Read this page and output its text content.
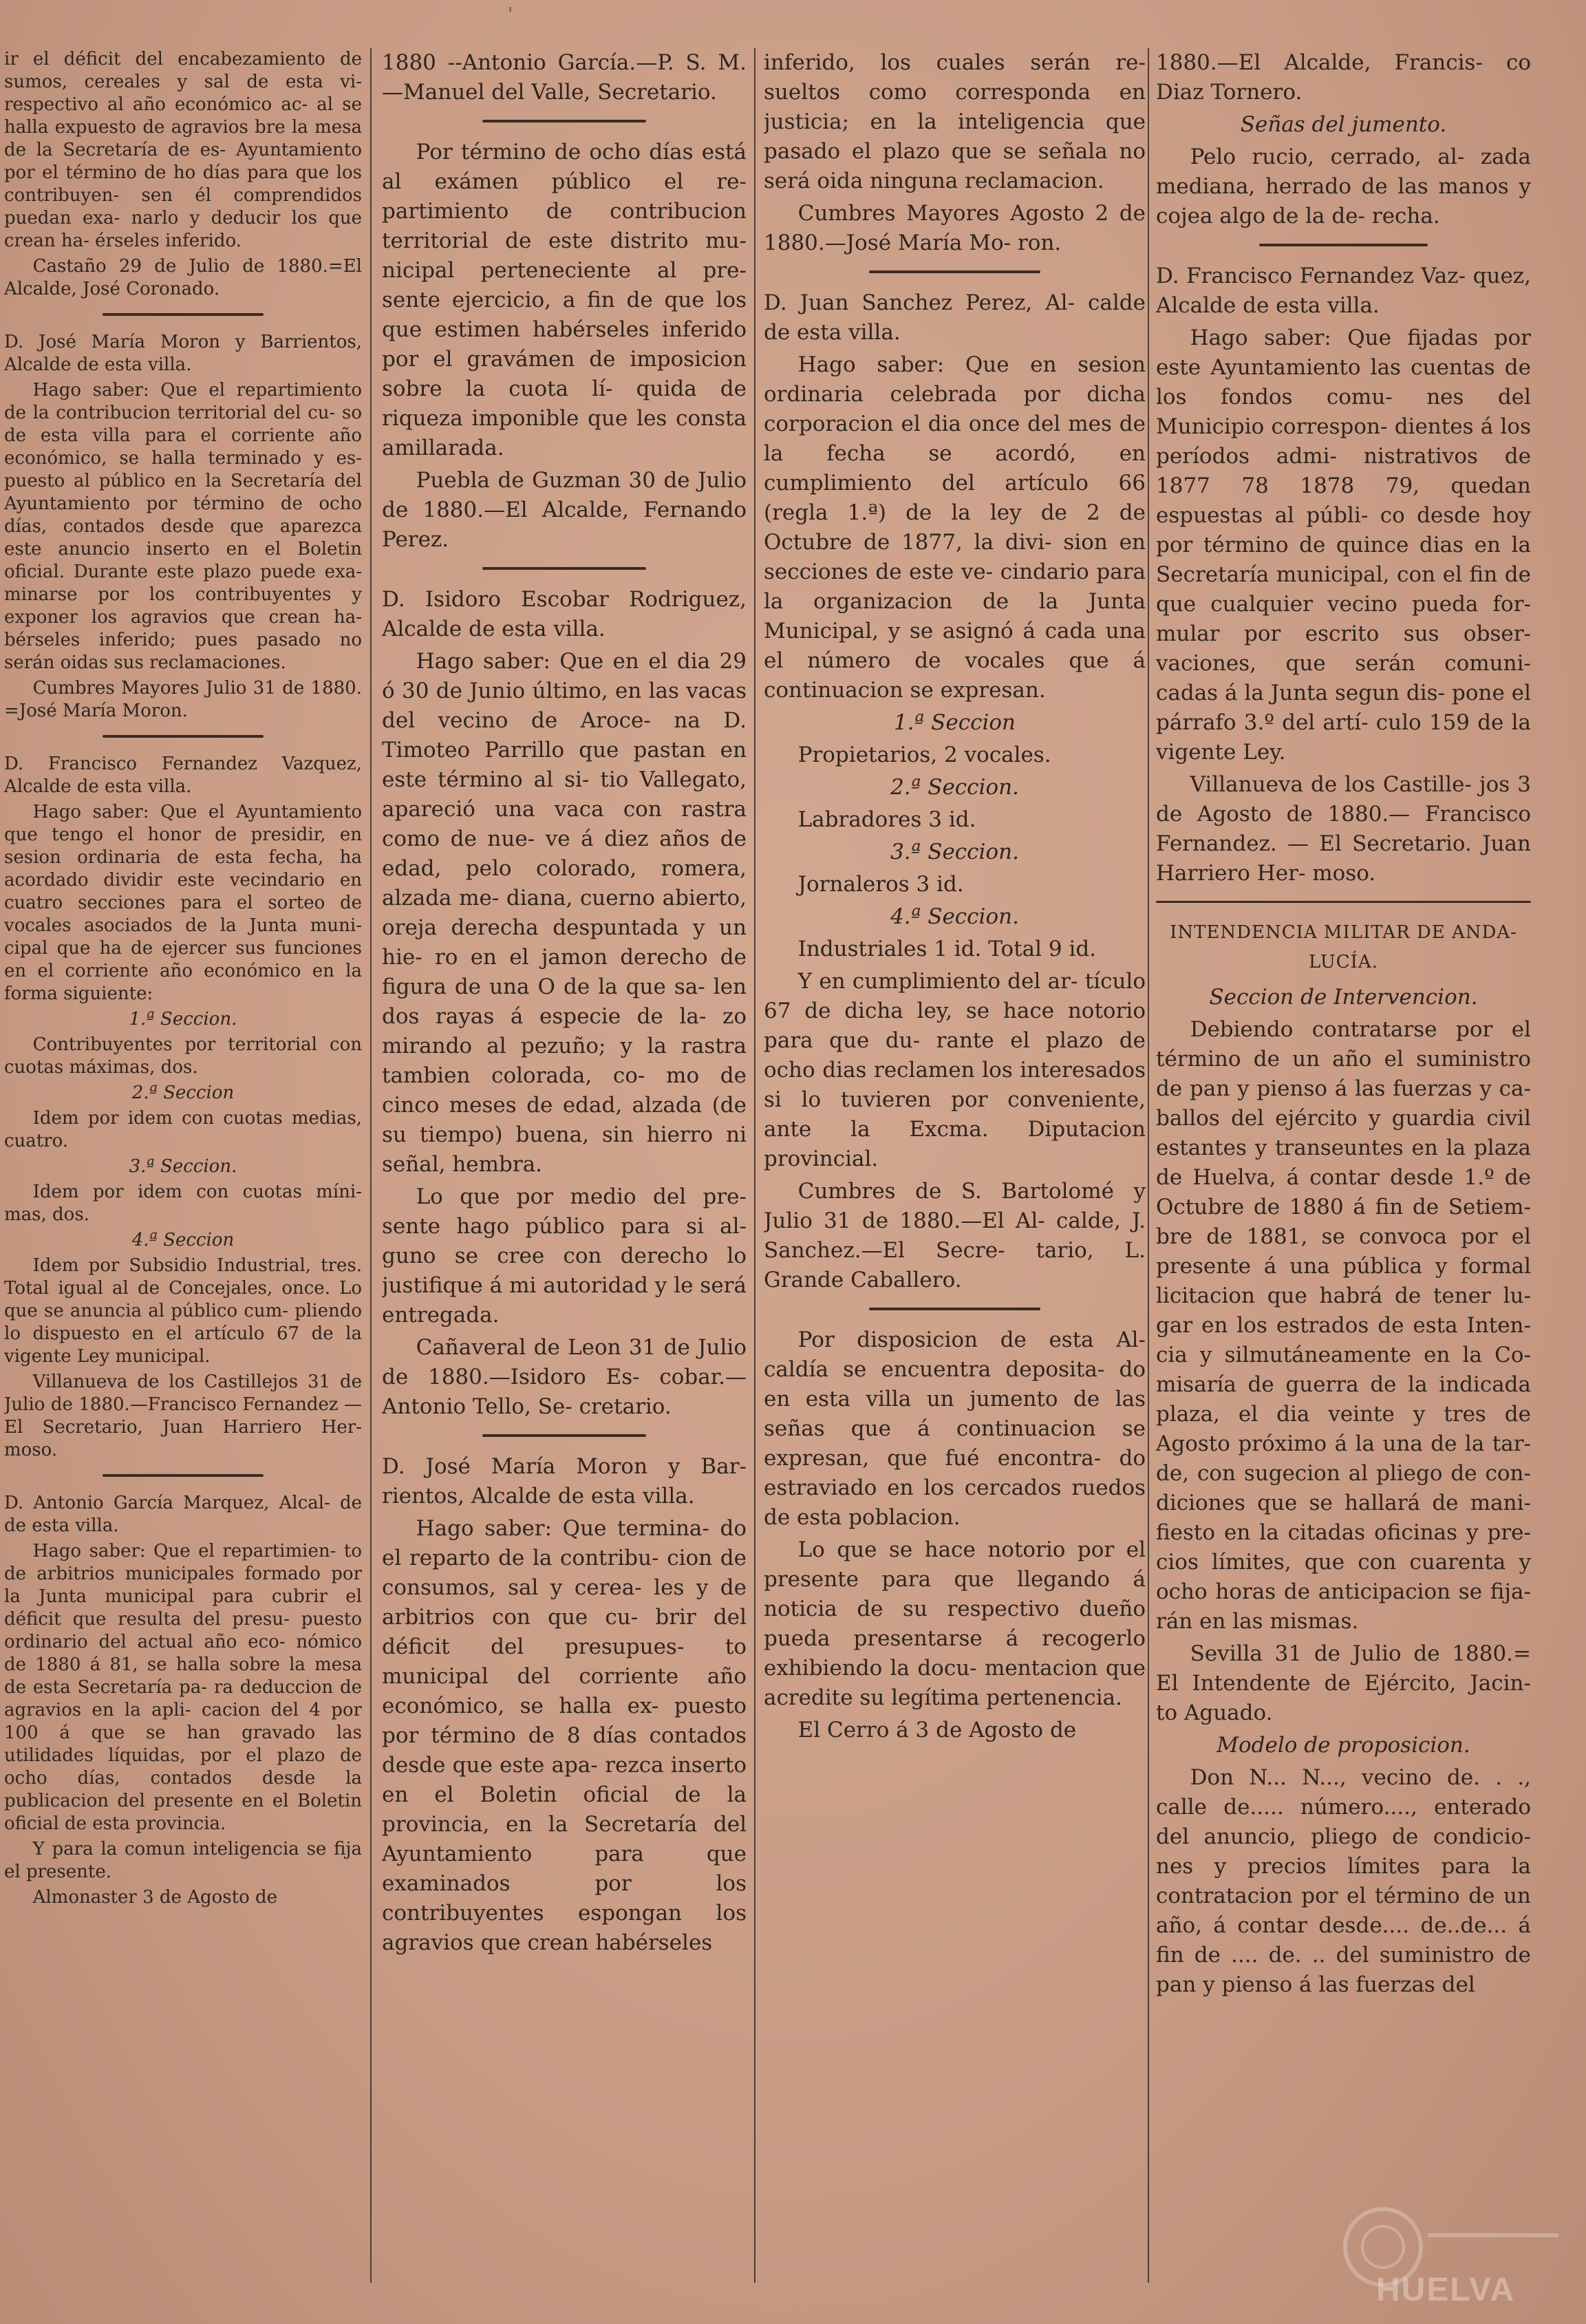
'

ir el déficit del encabezamiento de sumos, cereales y sal de esta vi- respectivo al año económico ac- al se halla expuesto de agravios bre la mesa de la Secretaría de es- Ayuntamiento por el término de ho días para que los contribuyen- sen él comprendidos puedan exa- narlo y deducir los que crean ha- érseles inferido.

Castaño 29 de Julio de 1880.=El Alcalde, José Coronado.

D. José María Moron y Barrientos, Alcalde de esta villa.

Hago saber: Que el repartimiento de la contribucion territorial del cu- so de esta villa para el corriente año económico, se halla terminado y es- puesto al público en la Secretaría del Ayuntamiento por término de ocho días, contados desde que aparezca este anuncio inserto en el Boletin oficial. Durante este plazo puede exa- minarse por los contribuyentes y exponer los agravios que crean ha- bérseles inferido; pues pasado no serán oidas sus reclamaciones.

Cumbres Mayores Julio 31 de 1880. =José María Moron.

D. Francisco Fernandez Vazquez, Alcalde de esta villa.

Hago saber: Que el Ayuntamiento que tengo el honor de presidir, en sesion ordinaria de esta fecha, ha acordado dividir este vecindario en cuatro secciones para el sorteo de vocales asociados de la Junta muni- cipal que ha de ejercer sus funciones en el corriente año económico en la forma siguiente:

1.ª Seccion.

Contribuyentes por territorial con cuotas máximas, dos.

2.ª Seccion

Idem por idem con cuotas medias, cuatro.

3.ª Seccion.

Idem por idem con cuotas míni- mas, dos.

4.ª Seccion

Idem por Subsidio Industrial, tres. Total igual al de Concejales, once. Lo que se anuncia al público cum- pliendo lo dispuesto en el artículo 67 de la vigente Ley municipal.

Villanueva de los Castillejos 31 de Julio de 1880.—Francisco Fernandez —El Secretario, Juan Harriero Her- moso.

D. Antonio García Marquez, Alcal- de de esta villa.

Hago saber: Que el repartimien- to de arbitrios municipales formado por la Junta municipal para cubrir el déficit que resulta del presu- puesto ordinario del actual año eco- nómico de 1880 á 81, se halla sobre la mesa de esta Secretaría pa- ra deduccion de agravios en la apli- cacion del 4 por 100 á que se han gravado las utilidades líquidas, por el plazo de ocho días, contados desde la publicacion del presente en el Boletin oficial de esta provincia.

Y para la comun inteligencia se fija el presente.

Almonaster 3 de Agosto de

1880 --Antonio García.—P. S. M. —Manuel del Valle, Secretario.

Por término de ocho días está al exámen público el re- partimiento de contribucion territorial de este distrito mu- nicipal perteneciente al pre- sente ejercicio, a fin de que los que estimen habérseles inferido por el gravámen de imposicion sobre la cuota lí- quida de riqueza imponible que les consta amillarada.

Puebla de Guzman 30 de Julio de 1880.—El Alcalde, Fernando Perez.

D. Isidoro Escobar Rodriguez, Alcalde de esta villa.

Hago saber: Que en el dia 29 ó 30 de Junio último, en las vacas del vecino de Aroce- na D. Timoteo Parrillo que pastan en este término al si- tio Vallegato, apareció una vaca con rastra como de nue- ve á diez años de edad, pelo colorado, romera, alzada me- diana, cuerno abierto, oreja derecha despuntada y un hie- ro en el jamon derecho de figura de una O de la que sa- len dos rayas á especie de la- zo mirando al pezuño; y la rastra tambien colorada, co- mo de cinco meses de edad, alzada (de su tiempo) buena, sin hierro ni señal, hembra.

Lo que por medio del pre- sente hago público para si al- guno se cree con derecho lo justifique á mi autoridad y le será entregada.

Cañaveral de Leon 31 de Julio de 1880.—Isidoro Es- cobar.—Antonio Tello, Se- cretario.

D. José María Moron y Bar- rientos, Alcalde de esta villa.

Hago saber: Que termina- do el reparto de la contribu- cion de consumos, sal y cerea- les y de arbitrios con que cu- brir del déficit del presupues- to municipal del corriente año económico, se halla ex- puesto por término de 8 días contados desde que este apa- rezca inserto en el Boletin oficial de la provincia, en la Secretaría del Ayuntamiento para que examinados por los contribuyentes espongan los agravios que crean habérseles

inferido, los cuales serán re- sueltos como corresponda en justicia; en la inteligencia que pasado el plazo que se señala no será oida ninguna reclamacion.

Cumbres Mayores Agosto 2 de 1880.—José María Mo- ron.

D. Juan Sanchez Perez, Al- calde de esta villa.

Hago saber: Que en sesion ordinaria celebrada por dicha corporacion el dia once del mes de la fecha se acordó, en cumplimiento del artículo 66 (regla 1.ª) de la ley de 2 de Octubre de 1877, la divi- sion en secciones de este ve- cindario para la organizacion de la Junta Municipal, y se asignó á cada una el número de vocales que á continuacion se expresan.

1.ª Seccion

Propietarios, 2 vocales.

2.ª Seccion.

Labradores 3 id.

3.ª Seccion.

Jornaleros 3 id.

4.ª Seccion.

Industriales 1 id. Total 9 id.

Y en cumplimiento del ar- tículo 67 de dicha ley, se hace notorio para que du- rante el plazo de ocho dias reclamen los interesados si lo tuvieren por conveniente, ante la Excma. Diputacion provincial.

Cumbres de S. Bartolomé y Julio 31 de 1880.—El Al- calde, J. Sanchez.—El Secre- tario, L. Grande Caballero.

Por disposicion de esta Al- caldía se encuentra deposita- do en esta villa un jumento de las señas que á continuacion se expresan, que fué encontra- do estraviado en los cercados ruedos de esta poblacion.

Lo que se hace notorio por el presente para que llegando á noticia de su respectivo dueño pueda presentarse á recogerlo exhibiendo la docu- mentacion que acredite su legítima pertenencia.

El Cerro á 3 de Agosto de

1880.—El Alcalde, Francis- co Diaz Tornero.

Señas del jumento.

Pelo rucio, cerrado, al- zada mediana, herrado de las manos y cojea algo de la de- recha.

D. Francisco Fernandez Vaz- quez, Alcalde de esta villa.

Hago saber: Que fijadas por este Ayuntamiento las cuentas de los fondos comu- nes del Municipio correspon- dientes á los períodos admi- nistrativos de 1877 78 1878 79, quedan espuestas al públi- co desde hoy por término de quince dias en la Secretaría municipal, con el fin de que cualquier vecino pueda for- mular por escrito sus obser- vaciones, que serán comuni- cadas á la Junta segun dis- pone el párrafo 3.º del artí- culo 159 de la vigente Ley.

Villanueva de los Castille- jos 3 de Agosto de 1880.— Francisco Fernandez. — El Secretario. Juan Harriero Her- moso.

INTENDENCIA MILITAR DE ANDA- LUCÍA.

Seccion de Intervencion.

Debiendo contratarse por el término de un año el suministro de pan y pienso á las fuerzas y ca- ballos del ejército y guardia civil estantes y transeuntes en la plaza de Huelva, á contar desde 1.º de Octubre de 1880 á fin de Setiem- bre de 1881, se convoca por el presente á una pública y formal licitacion que habrá de tener lu- gar en los estrados de esta Inten- cia y silmutáneamente en la Co- misaría de guerra de la indicada plaza, el dia veinte y tres de Agosto próximo á la una de la tar- de, con sugecion al pliego de con- diciones que se hallará de mani- fiesto en la citadas oficinas y pre- cios límites, que con cuarenta y ocho horas de anticipacion se fija- rán en las mismas.

Sevilla 31 de Julio de 1880.= El Intendente de Ejército, Jacin- to Aguado.

Modelo de proposicion.

Don N... N..., vecino de. . ., calle de..... número...., enterado del anuncio, pliego de condicio- nes y precios límites para la contratacion por el término de un año, á contar desde.... de..de... á fin de .... de. .. del suministro de pan y pienso á las fuerzas del

HUELVA
